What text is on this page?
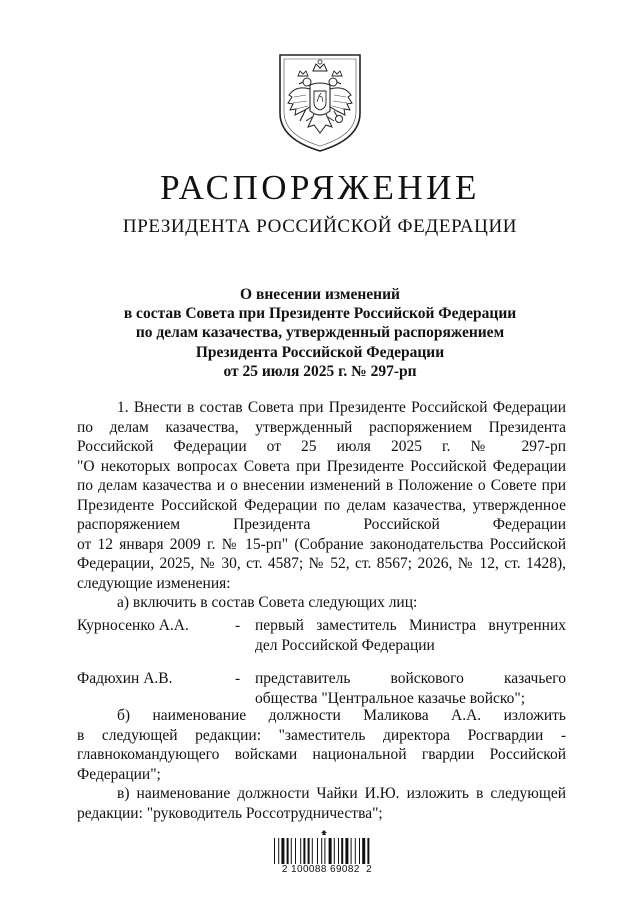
РАСПОРЯЖЕНИЕ
ПРЕЗИДЕНТА РОССИЙСКОЙ ФЕДЕРАЦИИ
О внесении изменений
в состав Совета при Президенте Российской Федерации
по делам казачества, утвержденный распоряжением
Президента Российской Федерации
от 25 июля 2025 г. № 297-рп
1. Внести в состав Совета при Президенте Российской Федерации
по делам казачества, утвержденный распоряжением Президента
Российской Федерации от 25 июля 2025 г. № 297-рп
"О некоторых вопросах Совета при Президенте Российской Федерации
по делам казачества и о внесении изменений в Положение о Совете при
Президенте Российской Федерации по делам казачества, утвержденное
распоряжением Президента Российской Федерации
от 12 января 2009 г. № 15-рп" (Собрание законодательства Российской
Федерации, 2025, № 30, ст. 4587; № 52, ст. 8567; 2026, № 12, ст. 1428),
следующие изменения:
а) включить в состав Совета следующих лиц:
Курносенко А.А.	- первый заместитель Министра внутренних
дел Российской Федерации
Фадюхин А.В.	- представитель войскового казачьего
общества "Центральное казачье войско";
б) наименование должности Маликова А.А. изложить
в следующей редакции: "заместитель директора Росгвардии -
главнокомандующего войсками национальной гвардии Российской
Федерации";
в) наименование должности Чайки И.Ю. изложить в следующей
редакции: "руководитель Россотрудничества";
2 100088 69082  2
